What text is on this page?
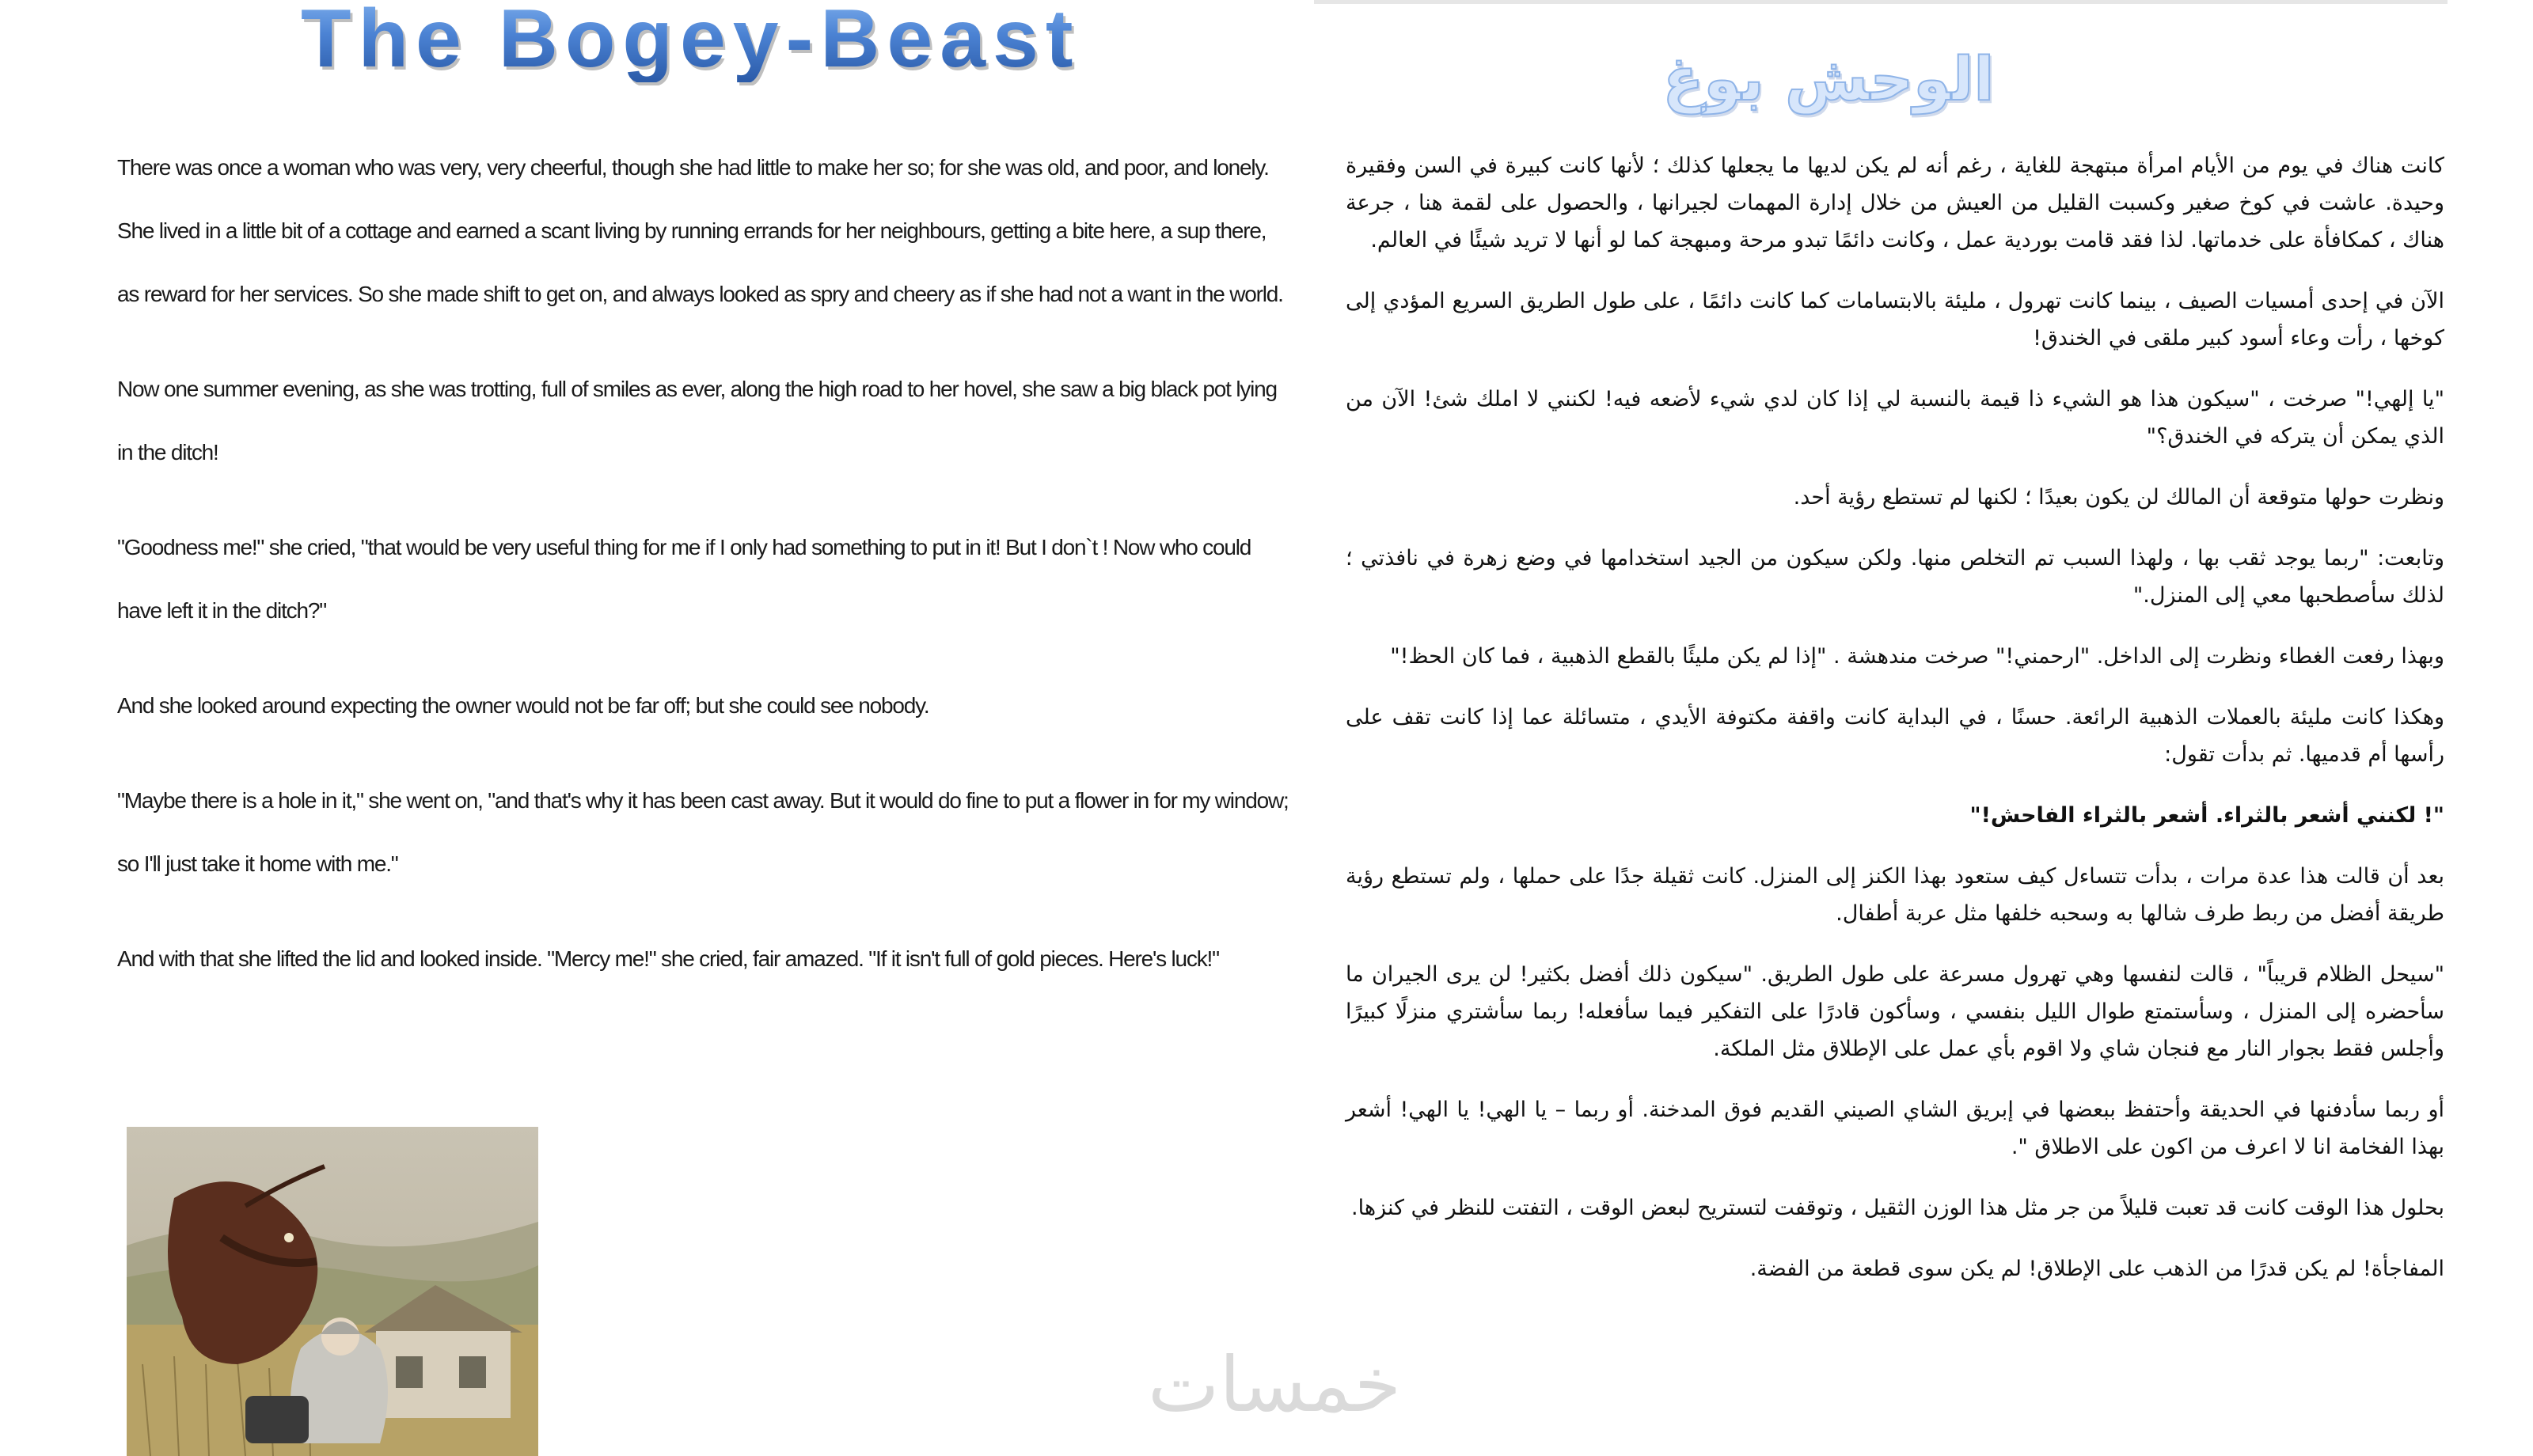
The Bogey-Beast

There was once a woman who was very, very cheerful, though she had little to make her so; for she was old, and poor, and lonely. She lived in a little bit of a cottage and earned a scant living by running errands for her neighbours, getting a bite here, a sup there, as reward for her services. So she made shift to get on, and always looked as spry and cheery as if she had not a want in the world.

Now one summer evening, as she was trotting, full of smiles as ever, along the high road to her hovel, she saw a big black pot lying in the ditch!

"Goodness me!" she cried, "that would be very useful thing for me if I only had something to put in it! But I don`t ! Now who could have left it in the ditch?"

And she looked around expecting the owner would not be far off; but she could see nobody.

"Maybe there is a hole in it," she went on, "and that's why it has been cast away. But it would do fine to put a flower in for my window; so I'll just take it home with me."

And with that she lifted the lid and looked inside. "Mercy me!" she cried, fair amazed. "If it isn't full of gold pieces. Here's luck!"

الوحش بوغ

كانت هناك في يوم من الأيام امرأة مبتهجة للغاية ، رغم أنه لم يكن لديها ما يجعلها كذلك ؛ لأنها كانت كبيرة في السن وفقيرة وحيدة. عاشت في كوخ صغير وكسبت القليل من العيش من خلال إدارة المهمات لجيرانها ، والحصول على لقمة هنا ، جرعة هناك ، كمكافأة على خدماتها. لذا فقد قامت بوردية عمل ، وكانت دائمًا تبدو مرحة ومبهجة كما لو أنها لا تريد شيئًا في العالم.

الآن في إحدى أمسيات الصيف ، بينما كانت تهرول ، مليئة بالابتسامات كما كانت دائمًا ، على طول الطريق السريع المؤدي إلى كوخها ، رأت وعاء أسود كبير ملقى في الخندق!

"يا إلهي!" صرخت ، "سيكون هذا هو الشيء ذا قيمة بالنسبة لي إذا كان لدي شيء لأضعه فيه! لكنني لا املك شئ! الآن من الذي يمكن أن يتركه في الخندق؟"

ونظرت حولها متوقعة أن المالك لن يكون بعيدًا ؛ لكنها لم تستطع رؤية أحد.

وتابعت: "ربما يوجد ثقب بها ، ولهذا السبب تم التخلص منها. ولكن سيكون من الجيد استخدامها في وضع زهرة في نافذتي ؛ لذلك سأصطحبها معي إلى المنزل."

وبهذا رفعت الغطاء ونظرت إلى الداخل. "ارحمني!" صرخت مندهشة . "إذا لم يكن مليئًا بالقطع الذهبية ، فما كان الحظ!"

وهكذا كانت مليئة بالعملات الذهبية الرائعة. حسنًا ، في البداية كانت واقفة مكتوفة الأيدي ، متسائلة عما إذا كانت تقف على رأسها أم قدميها. ثم بدأت تقول:

"! لكنني أشعر بالثراء. أشعر بالثراء الفاحش!"

بعد أن قالت هذا عدة مرات ، بدأت تتساءل كيف ستعود بهذا الكنز إلى المنزل. كانت ثقيلة جدًا على حملها ، ولم تستطع رؤية طريقة أفضل من ربط طرف شالها به وسحبه خلفها مثل عربة أطفال.

"سيحل الظلام قريباً" ، قالت لنفسها وهي تهرول مسرعة على طول الطريق. "سيكون ذلك أفضل بكثير! لن يرى الجيران ما سأحضره إلى المنزل ، وسأستمتع طوال الليل بنفسي ، وسأكون قادرًا على التفكير فيما سأفعله! ربما سأشتري منزلًا كبيرًا وأجلس فقط بجوار النار مع فنجان شاي ولا اقوم بأي عمل على الإطلاق مثل الملكة.

أو ربما سأدفنها في الحديقة وأحتفظ ببعضها في إبريق الشاي الصيني القديم فوق المدخنة. أو ربما – يا الهي! يا الهي! أشعر بهذا الفخامة انا لا اعرف من اكون على الاطلاق ".

بحلول هذا الوقت كانت قد تعبت قليلاً من جر مثل هذا الوزن الثقيل ، وتوقفت لتستريح لبعض الوقت ، التفتت للنظر في كنزها.

المفاجأة! لم يكن قدرًا من الذهب على الإطلاق! لم يكن سوى قطعة من الفضة.

خمسات
